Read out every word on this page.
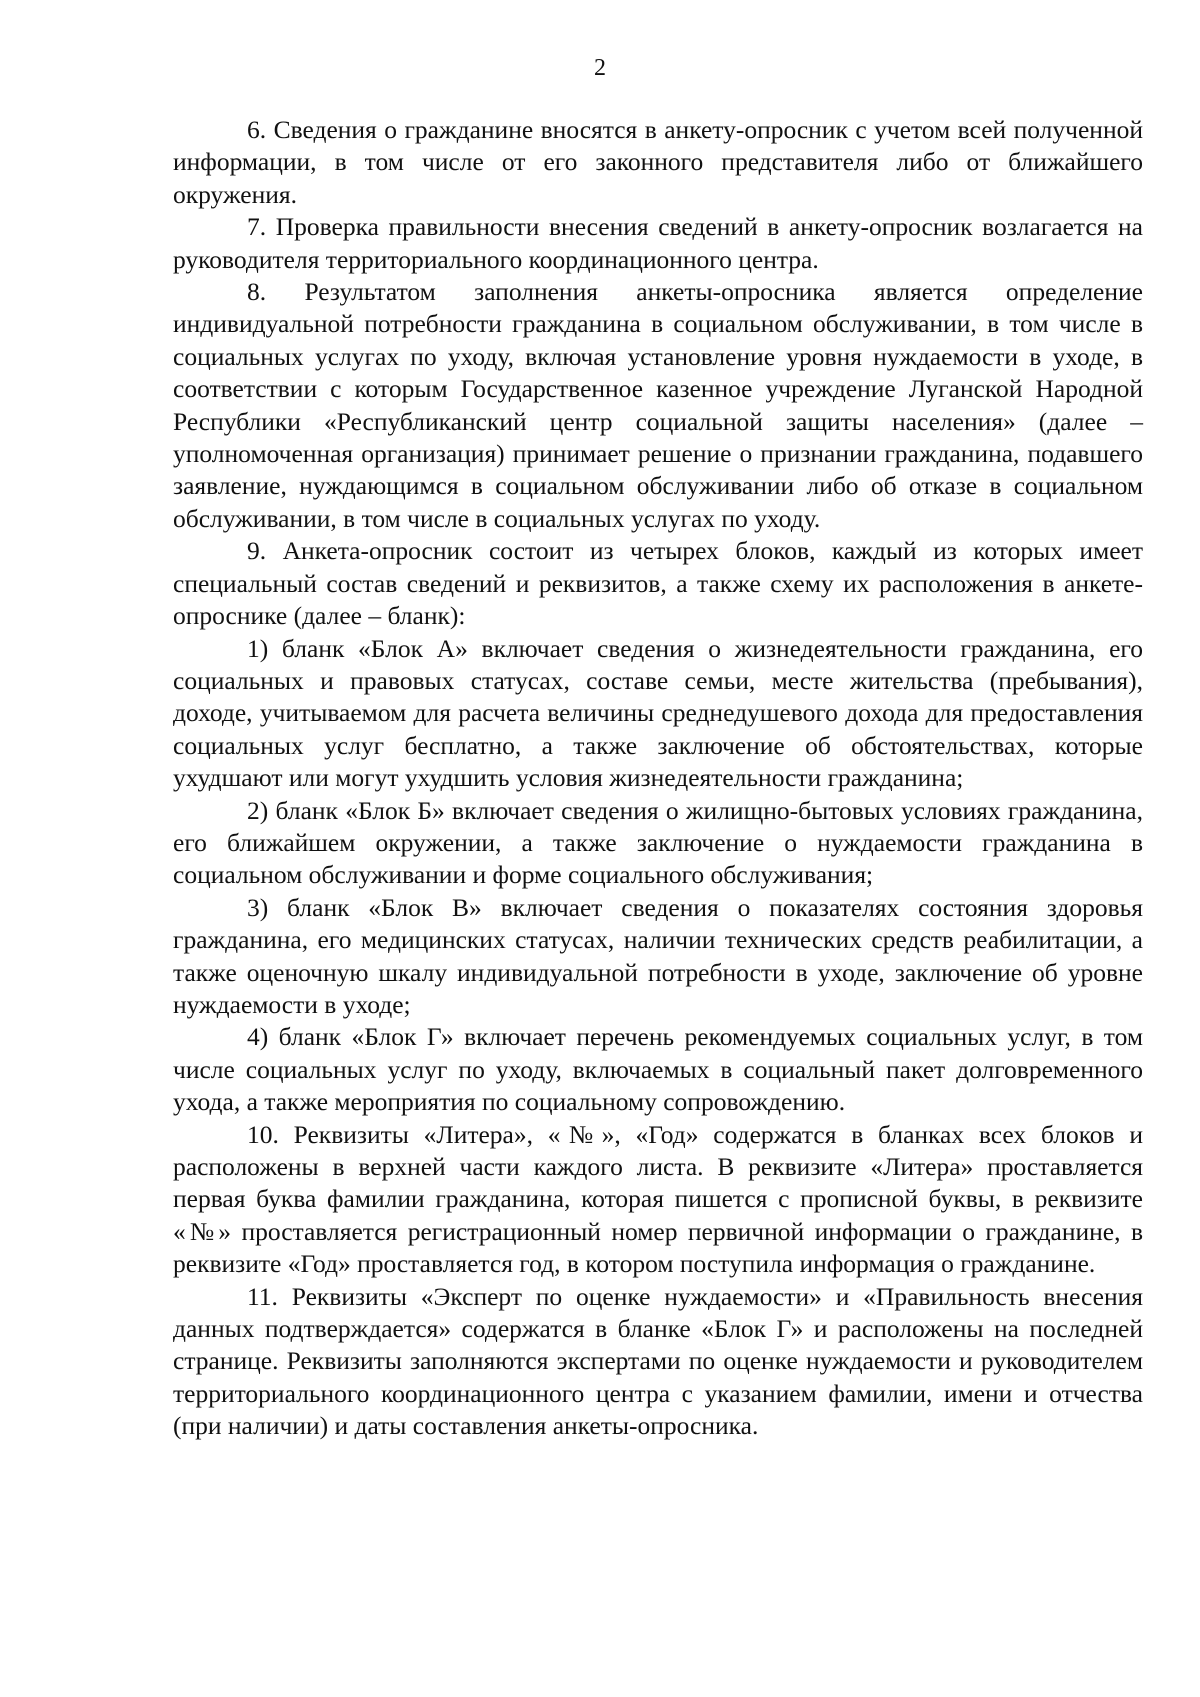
2

6. Сведения о гражданине вносятся в анкету-опросник с учетом всей полученной информации, в том числе от его законного представителя либо от ближайшего окружения.

7. Проверка правильности внесения сведений в анкету-опросник возлагается на руководителя территориального координационного центра.

8. Результатом заполнения анкеты-опросника является определение индивидуальной потребности гражданина в социальном обслуживании, в том числе в социальных услугах по уходу, включая установление уровня нуждаемости в уходе, в соответствии с которым Государственное казенное учреждение Луганской Народной Республики «Республиканский центр социальной защиты населения» (далее – уполномоченная организация) принимает решение о признании гражданина, подавшего заявление, нуждающимся в социальном обслуживании либо об отказе в социальном обслуживании, в том числе в социальных услугах по уходу.

9. Анкета-опросник состоит из четырех блоков, каждый из которых имеет специальный состав сведений и реквизитов, а также схему их расположения в анкете-опроснике (далее – бланк):

1) бланк «Блок А» включает сведения о жизнедеятельности гражданина, его социальных и правовых статусах, составе семьи, месте жительства (пребывания), доходе, учитываемом для расчета величины среднедушевого дохода для предоставления социальных услуг бесплатно, а также заключение об обстоятельствах, которые ухудшают или могут ухудшить условия жизнедеятельности гражданина;

2) бланк «Блок Б» включает сведения о жилищно-бытовых условиях гражданина, его ближайшем окружении, а также заключение о нуждаемости гражданина в социальном обслуживании и форме социального обслуживания;

3) бланк «Блок В» включает сведения о показателях состояния здоровья гражданина, его медицинских статусах, наличии технических средств реабилитации, а также оценочную шкалу индивидуальной потребности в уходе, заключение об уровне нуждаемости в уходе;

4) бланк «Блок Г» включает перечень рекомендуемых социальных услуг, в том числе социальных услуг по уходу, включаемых в социальный пакет долговременного ухода, а также мероприятия по социальному сопровождению.

10. Реквизиты «Литера», «№», «Год» содержатся в бланках всех блоков и расположены в верхней части каждого листа. В реквизите «Литера» проставляется первая буква фамилии гражданина, которая пишется с прописной буквы, в реквизите «№» проставляется регистрационный номер первичной информации о гражданине, в реквизите «Год» проставляется год, в котором поступила информация о гражданине.

11. Реквизиты «Эксперт по оценке нуждаемости» и «Правильность внесения данных подтверждается» содержатся в бланке «Блок Г» и расположены на последней странице. Реквизиты заполняются экспертами по оценке нуждаемости и руководителем территориального координационного центра с указанием фамилии, имени и отчества (при наличии) и даты составления анкеты-опросника.
